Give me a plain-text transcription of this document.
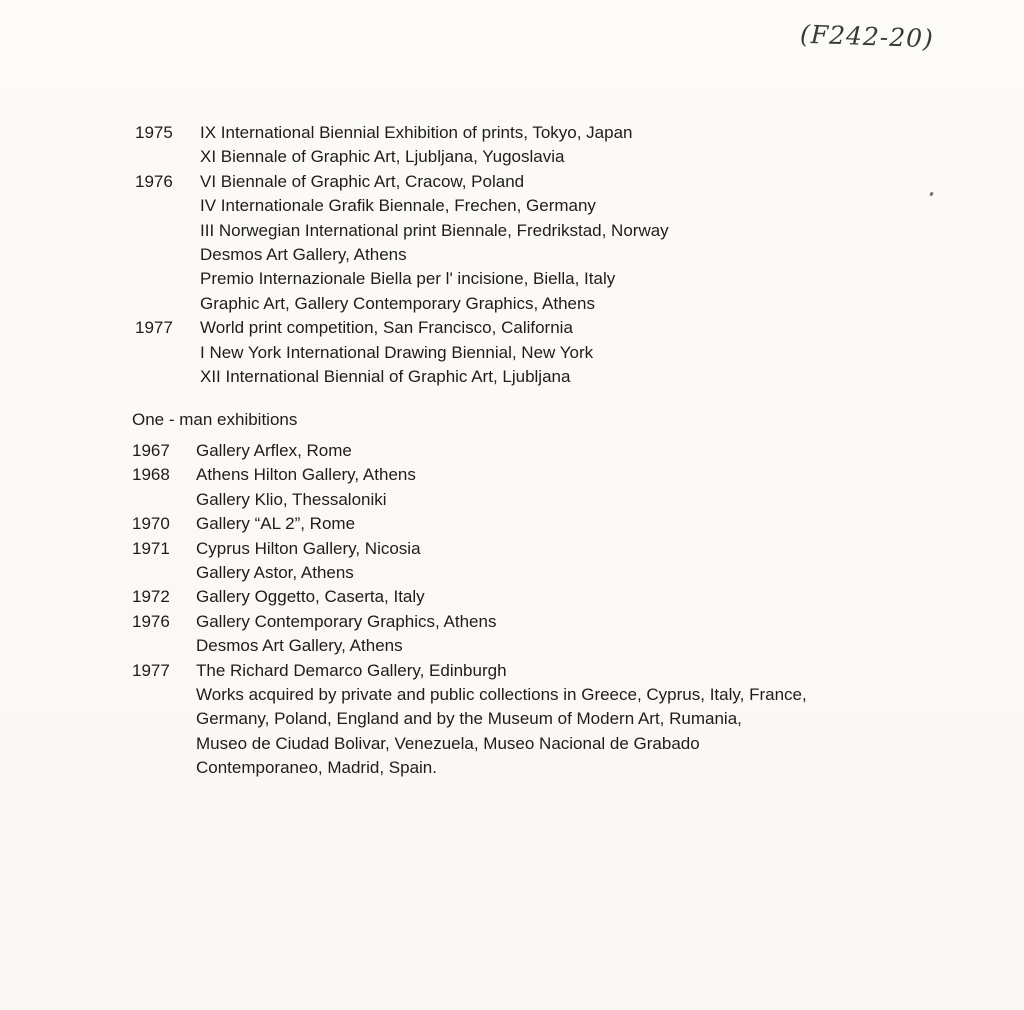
(F242-20)
1975 IX International Biennial Exhibition of prints, Tokyo, Japan
XI Biennale of Graphic Art, Ljubljana, Yugoslavia
1976 VI Biennale of Graphic Art, Cracow, Poland
IV Internationale Grafik Biennale, Frechen, Germany
III Norwegian International print Biennale, Fredrikstad, Norway
Desmos Art Gallery, Athens
Premio Internazionale Biella per l' incisione, Biella, Italy
Graphic Art, Gallery Contemporary Graphics, Athens
1977 World print competition, San Francisco, California
I New York International Drawing Biennial, New York
XII International Biennial of Graphic Art, Ljubljana
One - man exhibitions
1967 Gallery Arflex, Rome
1968 Athens Hilton Gallery, Athens
Gallery Klio, Thessaloniki
1970 Gallery “AL 2”, Rome
1971 Cyprus Hilton Gallery, Nicosia
Gallery Astor, Athens
1972 Gallery Oggetto, Caserta, Italy
1976 Gallery Contemporary Graphics, Athens
Desmos Art Gallery, Athens
1977 The Richard Demarco Gallery, Edinburgh
Works acquired by private and public collections in Greece, Cyprus, Italy, France,
Germany, Poland, England and by the Museum of Modern Art, Rumania,
Museo de Ciudad Bolivar, Venezuela, Museo Nacional de Grabado
Contemporaneo, Madrid, Spain.
